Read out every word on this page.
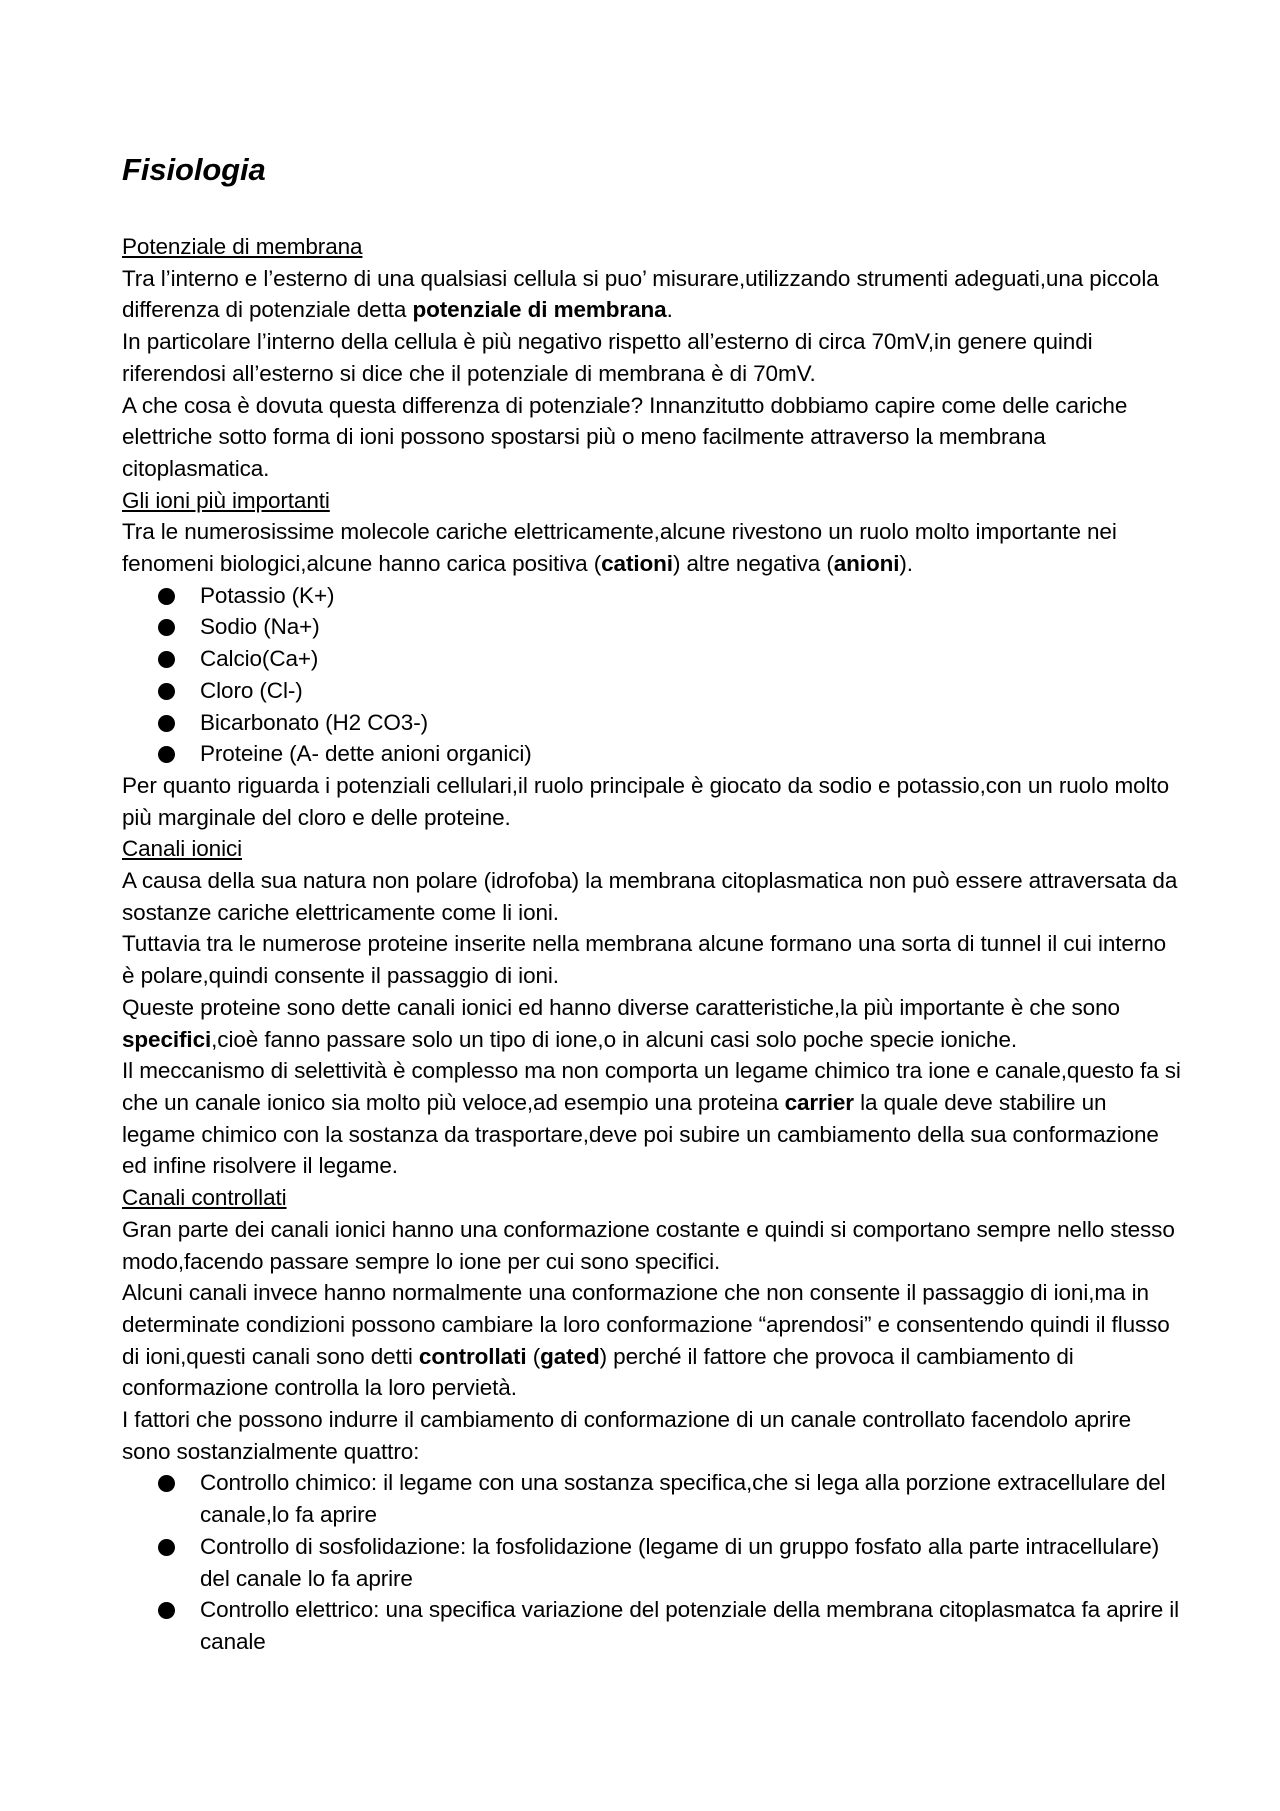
Fisiologia
Potenziale di membrana

Tra l’interno e l’esterno di una qualsiasi cellula si puo’ misurare,utilizzando strumenti adeguati,una piccola differenza di potenziale detta potenziale di membrana.

In particolare l’interno della cellula è più negativo rispetto all’esterno di circa 70mV,in genere quindi riferendosi all’esterno si dice che il potenziale di membrana è di 70mV.

A che cosa è dovuta questa differenza di potenziale? Innanzitutto dobbiamo capire come delle cariche elettriche sotto forma di ioni possono spostarsi più o meno facilmente attraverso la membrana citoplasmatica.

Gli ioni più importanti

Tra le numerosissime molecole cariche elettricamente,alcune rivestono un ruolo molto importante nei fenomeni biologici,alcune hanno carica positiva (cationi) altre negativa (anioni).

Potassio (K+)
Sodio (Na+)
Calcio(Ca+)
Cloro (Cl-)
Bicarbonato (H2 CO3-)
Proteine (A- dette anioni organici)

Per quanto riguarda i potenziali cellulari,il ruolo principale è giocato da sodio e potassio,con un ruolo molto più marginale del cloro e delle proteine.

Canali ionici

A causa della sua natura non polare (idrofoba) la membrana citoplasmatica non può essere attraversata da sostanze cariche elettricamente come li ioni.

Tuttavia tra le numerose proteine inserite nella membrana alcune formano una sorta di tunnel il cui interno è polare,quindi consente il passaggio di ioni.

Queste proteine sono dette canali ionici ed hanno diverse caratteristiche,la più importante è che sono specifici,cioè fanno passare solo un tipo di ione,o in alcuni casi solo poche specie ioniche.

Il meccanismo di selettività è complesso ma non comporta un legame chimico tra ione e canale,questo fa si che un canale ionico sia molto più veloce,ad esempio una proteina carrier la quale deve stabilire un legame chimico con la sostanza da trasportare,deve poi subire un cambiamento della sua conformazione ed infine risolvere il legame.

Canali controllati

Gran parte dei canali ionici hanno una conformazione costante e quindi si comportano sempre nello stesso modo,facendo passare sempre lo ione per cui sono specifici.

Alcuni canali invece hanno normalmente una conformazione che non consente il passaggio di ioni,ma in determinate condizioni possono cambiare la loro conformazione “aprendosi” e consentendo quindi il flusso di ioni,questi canali sono detti controllati (gated) perché il fattore che provoca il cambiamento di conformazione controlla la loro pervietà.

I fattori che possono indurre il cambiamento di conformazione di un canale controllato facendolo aprire sono sostanzialmente quattro:

Controllo chimico: il legame con una sostanza specifica,che si lega alla porzione extracellulare del canale,lo fa aprire
Controllo di sosfolidazione: la fosfolidazione (legame di un gruppo fosfato alla parte intracellulare) del canale lo fa aprire
Controllo elettrico: una specifica variazione del potenziale della membrana citoplasmatca fa aprire il canale
